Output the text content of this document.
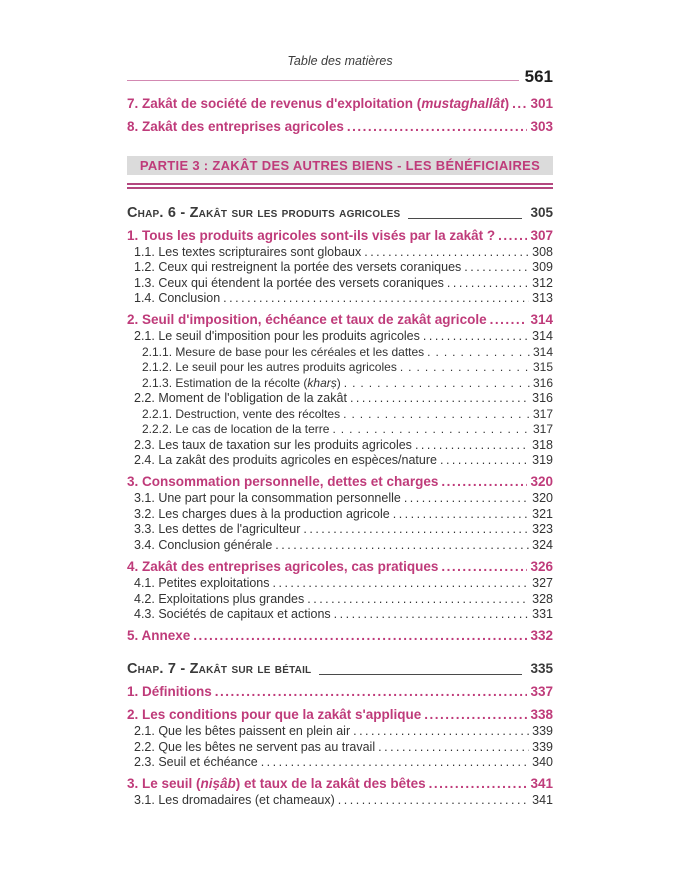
Table des matières
561
7. Zakât de société de revenus d'exploitation (mustaghallât) ..... 301
8. Zakât des entreprises agricoles .....	303
PARTIE 3 : ZAKÂT DES AUTRES BIENS - LES BÉNÉFICIAIRES
Chap. 6 - Zakât sur les produits agricoles	305
1. Tous les produits agricoles sont-ils visés par la zakât ? .....	307
1.1. Les textes scripturaires sont globaux .....	308
1.2. Ceux qui restreignent la portée des versets coraniques .....	309
1.3. Ceux qui étendent la portée des versets coraniques .....	312
1.4. Conclusion .....	313
2. Seuil d'imposition, échéance et taux de zakât agricole .....	314
2.1. Le seuil d'imposition pour les produits agricoles .....	314
2.1.1. Mesure de base pour les céréales et les dattes .....	314
2.1.2. Le seuil pour les autres produits agricoles .....	315
2.1.3. Estimation de la récolte (kharṣ) .....	316
2.2. Moment de l'obligation de la zakât .....	316
2.2.1. Destruction, vente des récoltes .....	317
2.2.2. Le cas de location de la terre .....	317
2.3. Les taux de taxation sur les produits agricoles .....	318
2.4. La zakât des produits agricoles en espèces/nature .....	319
3. Consommation personnelle, dettes et charges .....	320
3.1. Une part pour la consommation personnelle .....	320
3.2. Les charges dues à la production agricole .....	321
3.3. Les dettes de l'agriculteur .....	323
3.4. Conclusion générale .....	324
4. Zakât des entreprises agricoles, cas pratiques .....	326
4.1. Petites exploitations .....	327
4.2. Exploitations plus grandes .....	328
4.3. Sociétés de capitaux et actions .....	331
5. Annexe .....	332
Chap. 7 - Zakât sur le bétail	335
1. Définitions .....	337
2. Les conditions pour que la zakât s'applique .....	338
2.1. Que les bêtes paissent en plein air .....	339
2.2. Que les bêtes ne servent pas au travail .....	339
2.3. Seuil et échéance .....	340
3. Le seuil (niṣâb) et taux de la zakât des bêtes .....	341
3.1. Les dromadaires (et chameaux) .....	341
